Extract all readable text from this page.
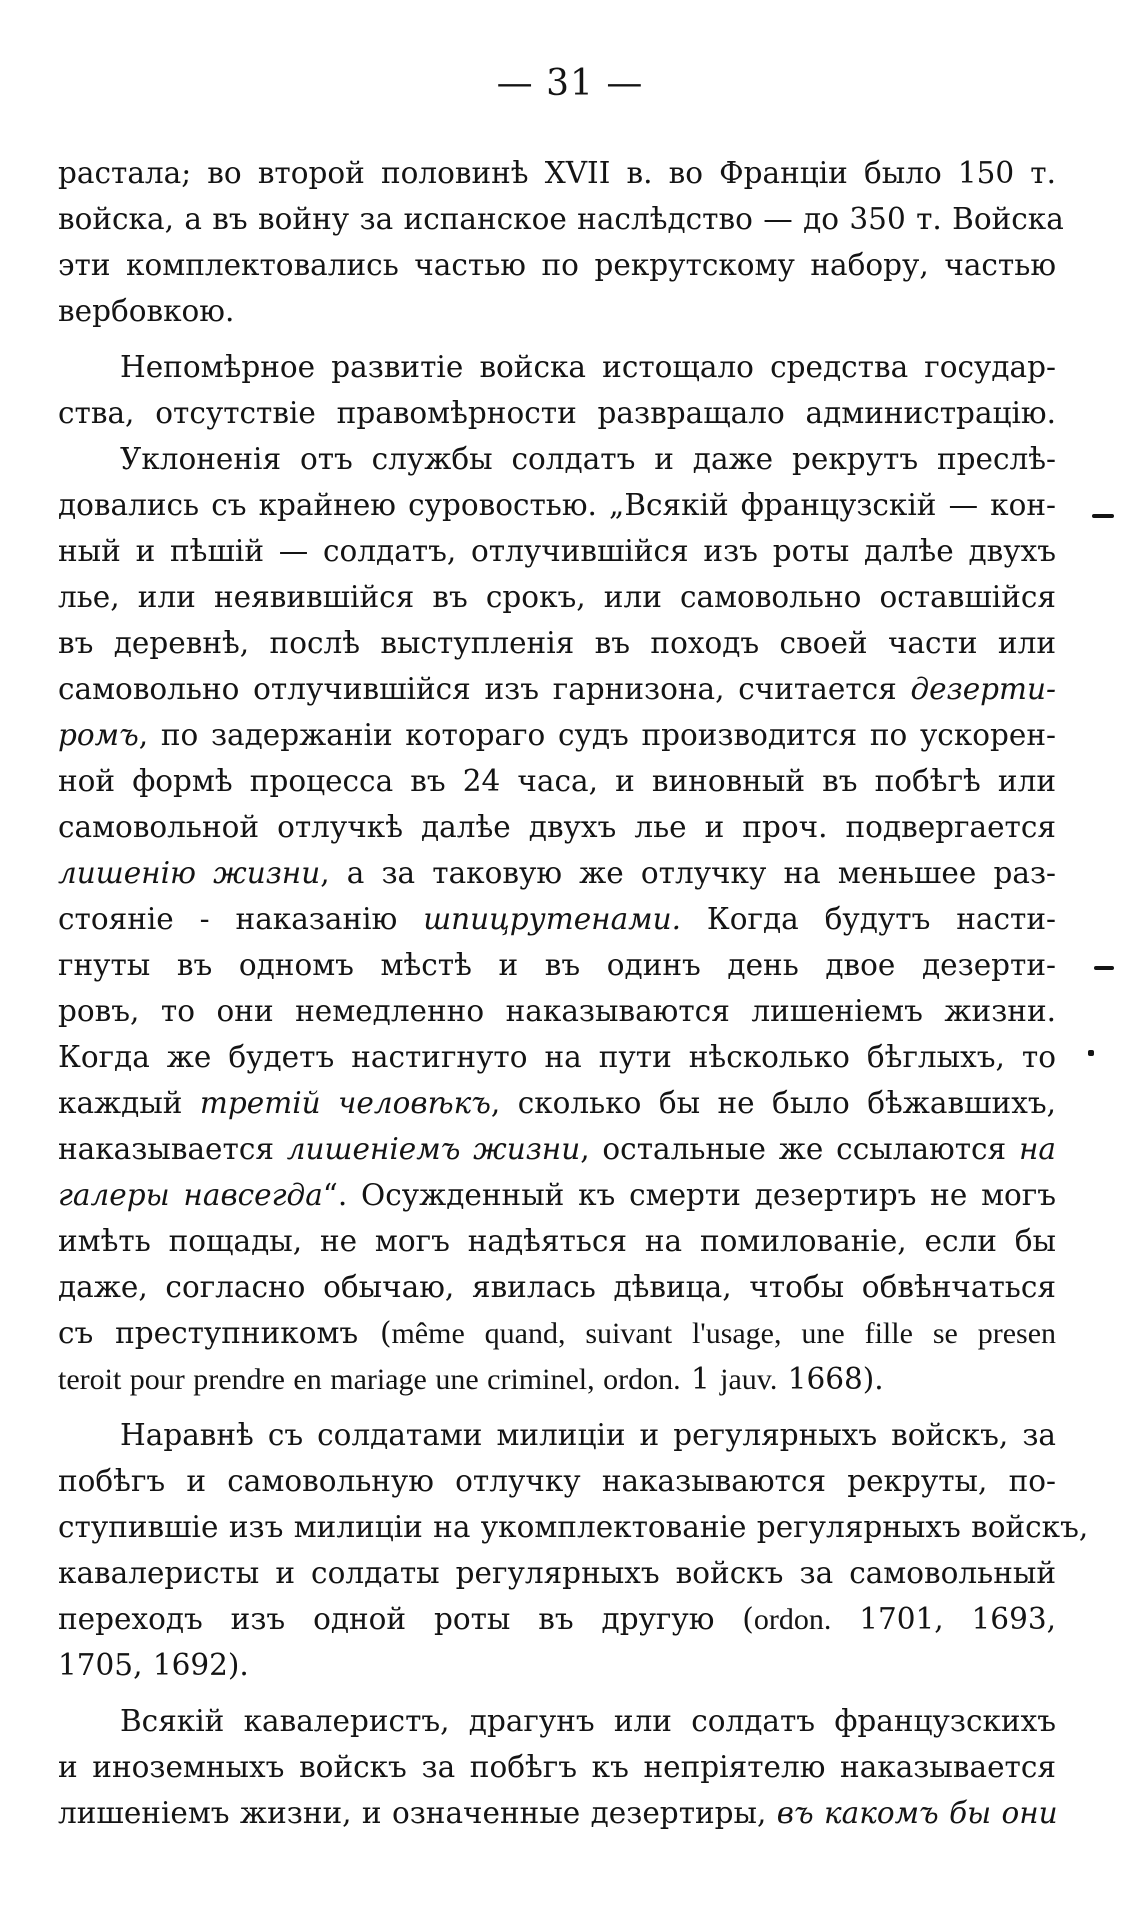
— 31 —
растала; во второй половинѣ XVII в. во Франціи было 150 т.
войска, а въ войну за испанское наслѣдство — до 350 т. Войска
эти комплектовались частью по рекрутскому набору, частью
вербовкою.
Непомѣрное развитіе войска истощало средства государ-
ства, отсутствіе правомѣрности развращало администрацію.
Уклоненія отъ службы солдатъ и даже рекрутъ преслѣ-
довались съ крайнею суровостью. „Всякій французскій — кон-
ный и пѣшій — солдатъ, отлучившійся изъ роты далѣе двухъ
лье, или неявившійся въ срокъ, или самовольно оставшійся
въ деревнѣ, послѣ выступленія въ походъ своей части или
самовольно отлучившійся изъ гарнизона, считается дезерти-
ромъ, по задержаніи котораго судъ производится по ускорен-
ной формѣ процесса въ 24 часа, и виновный въ побѣгѣ или
самовольной отлучкѣ далѣе двухъ лье и проч. подвергается
лишенію жизни, а за таковую же отлучку на меньшее раз-
стояніе - наказанію шпицрутенами. Когда будутъ насти-
гнуты въ одномъ мѣстѣ и въ одинъ день двое дезерти-
ровъ, то они немедленно наказываются лишеніемъ жизни.
Когда же будетъ настигнуто на пути нѣсколько бѣглыхъ, то
каждый третій человѣкъ, сколько бы не было бѣжавшихъ,
наказывается лишеніемъ жизни, остальные же ссылаются на
галеры навсегда“. Осужденный къ смерти дезертиръ не могъ
имѣть пощады, не могъ надѣяться на помилованіе, если бы
даже, согласно обычаю, явилась дѣвица, чтобы обвѣнчаться
съ преступникомъ (même quand, suivant l'usage, une fille se presen
teroit pour prendre en mariage une criminel, ordon. 1 jauv. 1668).
Наравнѣ съ солдатами милиціи и регулярныхъ войскъ, за
побѣгъ и самовольную отлучку наказываются рекруты, по-
ступившіе изъ милиціи на укомплектованіе регулярныхъ войскъ,
кавалеристы и солдаты регулярныхъ войскъ за самовольный
переходъ изъ одной роты въ другую (ordon. 1701, 1693,
1705, 1692).
Всякій кавалеристъ, драгунъ или солдатъ французскихъ
и иноземныхъ войскъ за побѣгъ къ непріятелю наказывается
лишеніемъ жизни, и означенные дезертиры, въ какомъ бы они
